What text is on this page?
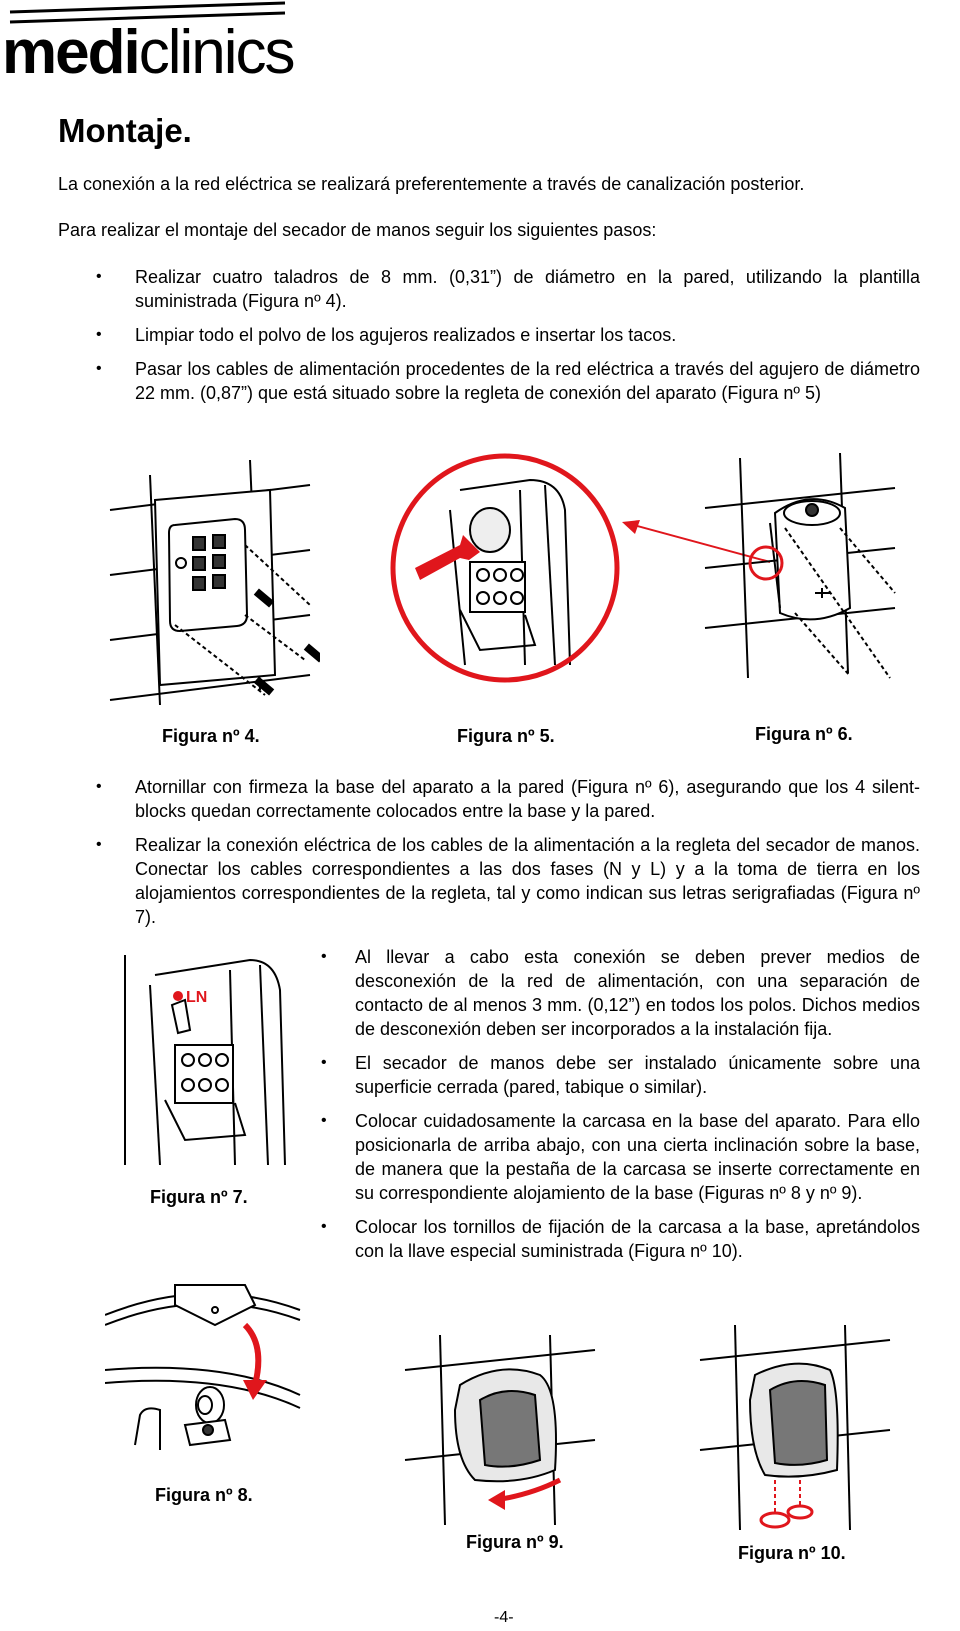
mediclinics
Montaje.
La conexión a la red eléctrica se realizará preferentemente a través de canalización posterior.
Para realizar el montaje del secador de manos seguir los siguientes pasos:
• Realizar cuatro taladros de 8 mm. (0,31”) de diámetro en la pared, utilizando la plantilla suministrada (Figura nº 4).
• Limpiar todo el polvo de los agujeros realizados e insertar los tacos.
• Pasar los cables de alimentación procedentes de la red eléctrica a través del agujero de diámetro 22 mm. (0,87”) que está situado sobre la regleta de conexión del aparato (Figura nº 5)
Figura nº 4.	Figura nº 5.	Figura nº 6.
• Atornillar con firmeza la base del aparato a la pared (Figura nº 6), asegurando que los 4 silent-blocks quedan correctamente colocados entre la base y la pared.
• Realizar la conexión eléctrica de los cables de la alimentación a la regleta del secador de manos. Conectar los cables correspondientes a las dos fases (N y L) y a la toma de tierra en los alojamientos correspondientes de la regleta, tal y como indican sus letras serigrafiadas (Figura nº 7).
LN
Figura nº 7.
• Al llevar a cabo esta conexión se deben prever medios de desconexión de la red de alimentación, con una separación de contacto de al menos 3 mm. (0,12”) en todos los polos. Dichos medios de desconexión deben ser incorporados a la instalación fija.
• El secador de manos debe ser instalado únicamente sobre una superficie cerrada (pared, tabique o similar).
• Colocar cuidadosamente la carcasa en la base del aparato. Para ello posicionarla de arriba abajo, con una cierta inclinación sobre la base, de manera que la pestaña de la carcasa se inserte correctamente en su correspondiente alojamiento de la base (Figuras nº 8 y nº 9).
• Colocar los tornillos de fijación de la carcasa a la base, apretándolos con la llave especial suministrada (Figura nº 10).
Figura nº 8.
Figura nº 9.
Figura nº 10.
-4-
